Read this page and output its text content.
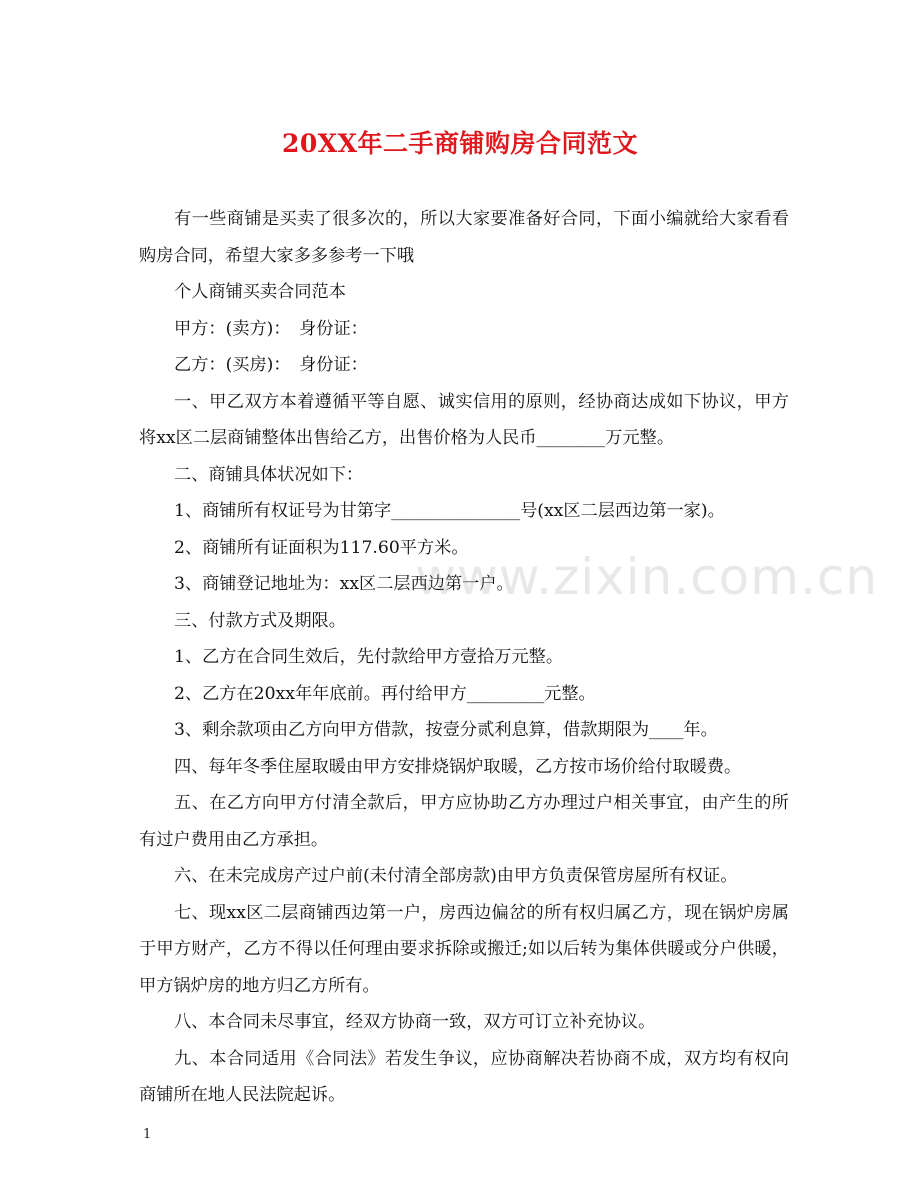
20XX年二手商铺购房合同范文

有一些商铺是买卖了很多次的，所以大家要准备好合同，下面小编就给大家看看购房合同，希望大家多多参考一下哦

个人商铺买卖合同范本

甲方：(卖方)：　身份证：

乙方：(买房)：　身份证：

一、甲乙双方本着遵循平等自愿、诚实信用的原则，经协商达成如下协议，甲方将xx区二层商铺整体出售给乙方，出售价格为人民币________万元整。

二、商铺具体状况如下：

1、商铺所有权证号为甘第字_______________号(xx区二层西边第一家)。

2、商铺所有证面积为117.60平方米。

3、商铺登记地址为：xx区二层西边第一户。

三、付款方式及期限。

1、乙方在合同生效后，先付款给甲方壹拾万元整。

2、乙方在20xx年年底前。再付给甲方_________元整。

3、剩余款项由乙方向甲方借款，按壹分贰利息算，借款期限为____年。

四、每年冬季住屋取暖由甲方安排烧锅炉取暖，乙方按市场价给付取暖费。

五、在乙方向甲方付清全款后，甲方应协助乙方办理过户相关事宜，由产生的所有过户费用由乙方承担。

六、在未完成房产过户前(未付清全部房款)由甲方负责保管房屋所有权证。

七、现xx区二层商铺西边第一户，房西边偏岔的所有权归属乙方，现在锅炉房属于甲方财产，乙方不得以任何理由要求拆除或搬迁;如以后转为集体供暖或分户供暖，甲方锅炉房的地方归乙方所有。

八、本合同未尽事宜，经双方协商一致，双方可订立补充协议。

九、本合同适用《合同法》若发生争议，应协商解决若协商不成，双方均有权向商铺所在地人民法院起诉。

www.zixin.com.cn
1
